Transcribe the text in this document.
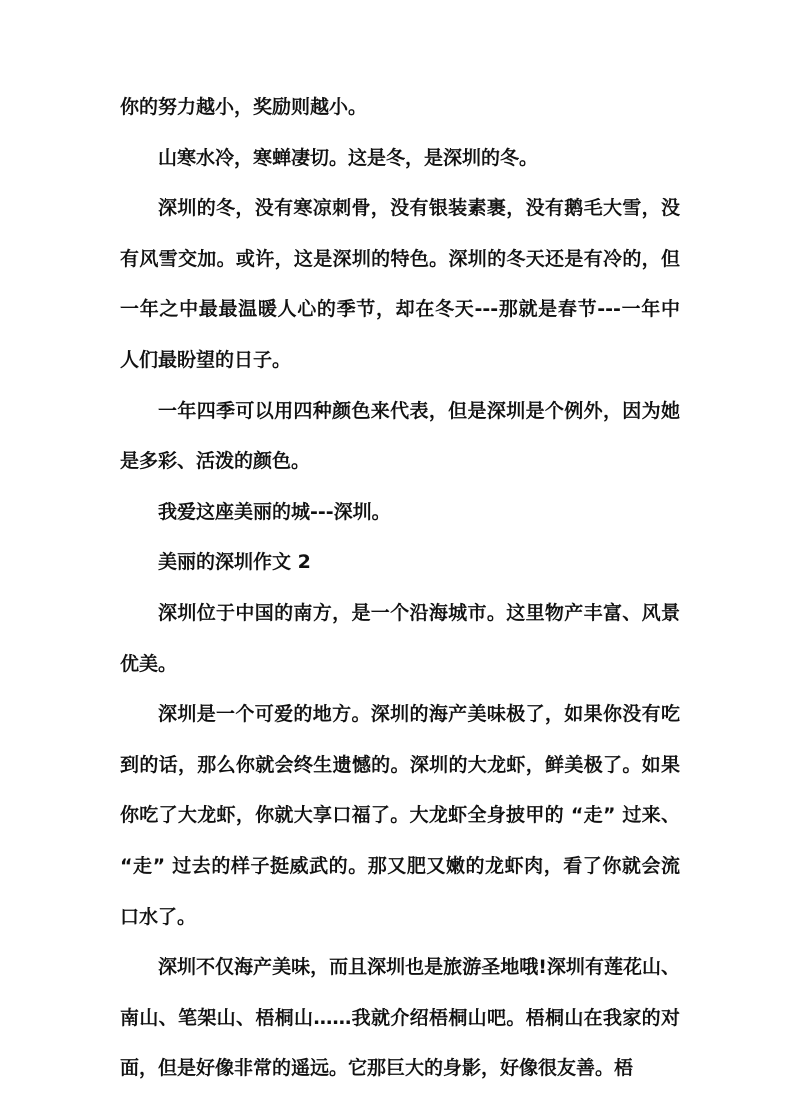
你的努力越小，奖励则越小。

山寒水冷，寒蝉凄切。这是冬，是深圳的冬。

深圳的冬，没有寒凉刺骨，没有银装素裹，没有鹅毛大雪，没有风雪交加。或许，这是深圳的特色。深圳的冬天还是有冷的，但一年之中最最温暖人心的季节，却在冬天---那就是春节---一年中人们最盼望的日子。

一年四季可以用四种颜色来代表，但是深圳是个例外，因为她是多彩、活泼的颜色。

我爱这座美丽的城---深圳。

美丽的深圳作文 2

深圳位于中国的南方，是一个沿海城市。这里物产丰富、风景优美。

深圳是一个可爱的地方。深圳的海产美味极了，如果你没有吃到的话，那么你就会终生遗憾的。深圳的大龙虾，鲜美极了。如果你吃了大龙虾，你就大享口福了。大龙虾全身披甲的 “走” 过来、 “走” 过去的样子挺威武的。那又肥又嫩的龙虾肉，看了你就会流口水了。

深圳不仅海产美味，而且深圳也是旅游圣地哦!深圳有莲花山、南山、笔架山、梧桐山……我就介绍梧桐山吧。梧桐山在我家的对面，但是好像非常的遥远。它那巨大的身影，好像很友善。梧
